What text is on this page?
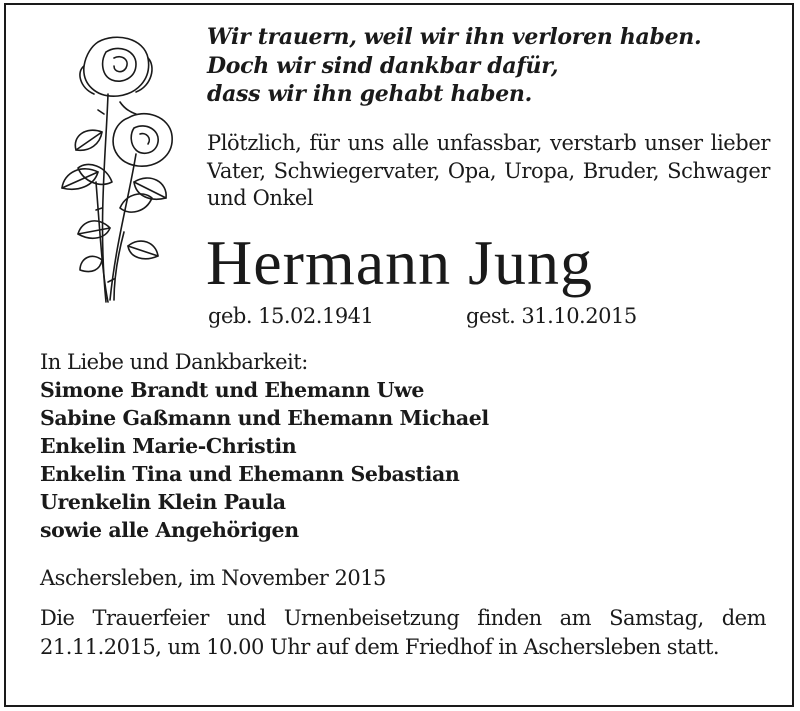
Wir trauern, weil wir ihn verloren haben.
Doch wir sind dankbar dafür,
dass wir ihn gehabt haben.
Plötzlich, für uns alle unfassbar, verstarb unser lieber Vater, Schwiegervater, Opa, Uropa, Bruder, Schwager und Onkel
Hermann Jung
geb. 15.02.1941	gest. 31.10.2015
In Liebe und Dankbarkeit:
Simone Brandt und Ehemann Uwe
Sabine Gaßmann und Ehemann Michael
Enkelin Marie-Christin
Enkelin Tina und Ehemann Sebastian
Urenkelin Klein Paula
sowie alle Angehörigen
Aschersleben, im November 2015
Die Trauerfeier und Urnenbeisetzung finden am Samstag, dem 21.11.2015, um 10.00 Uhr auf dem Friedhof in Aschersleben statt.
